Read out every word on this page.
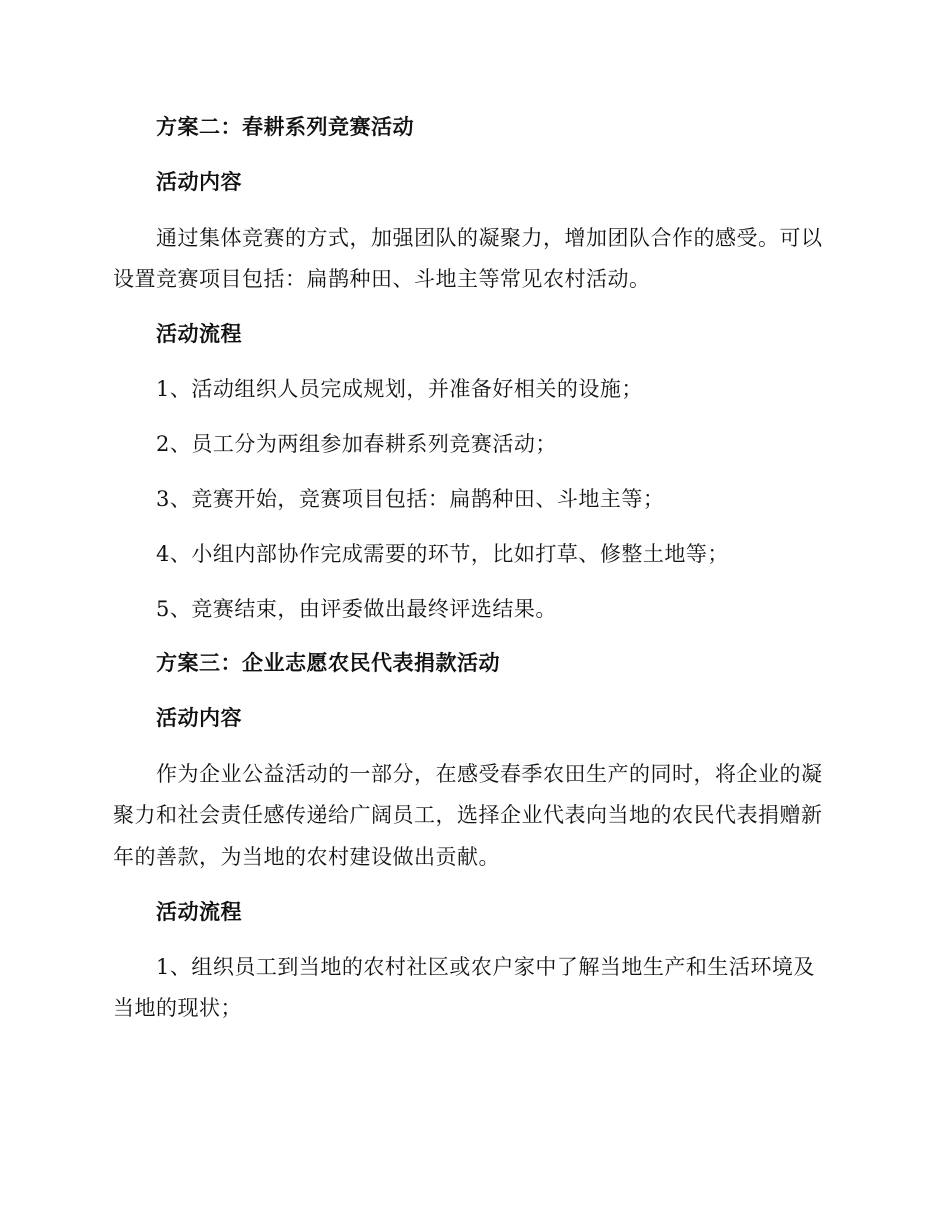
方案二：春耕系列竞赛活动
活动内容
通过集体竞赛的方式，加强团队的凝聚力，增加团队合作的感受。可以
设置竞赛项目包括：扁鹊种田、斗地主等常见农村活动。
活动流程
1、活动组织人员完成规划，并准备好相关的设施；
2、员工分为两组参加春耕系列竞赛活动；
3、竞赛开始，竞赛项目包括：扁鹊种田、斗地主等；
4、小组内部协作完成需要的环节，比如打草、修整土地等；
5、竞赛结束，由评委做出最终评选结果。
方案三：企业志愿农民代表捐款活动
活动内容
作为企业公益活动的一部分，在感受春季农田生产的同时，将企业的凝
聚力和社会责任感传递给广阔员工，选择企业代表向当地的农民代表捐赠新
年的善款，为当地的农村建设做出贡献。
活动流程
1、组织员工到当地的农村社区或农户家中了解当地生产和生活环境及
当地的现状；
